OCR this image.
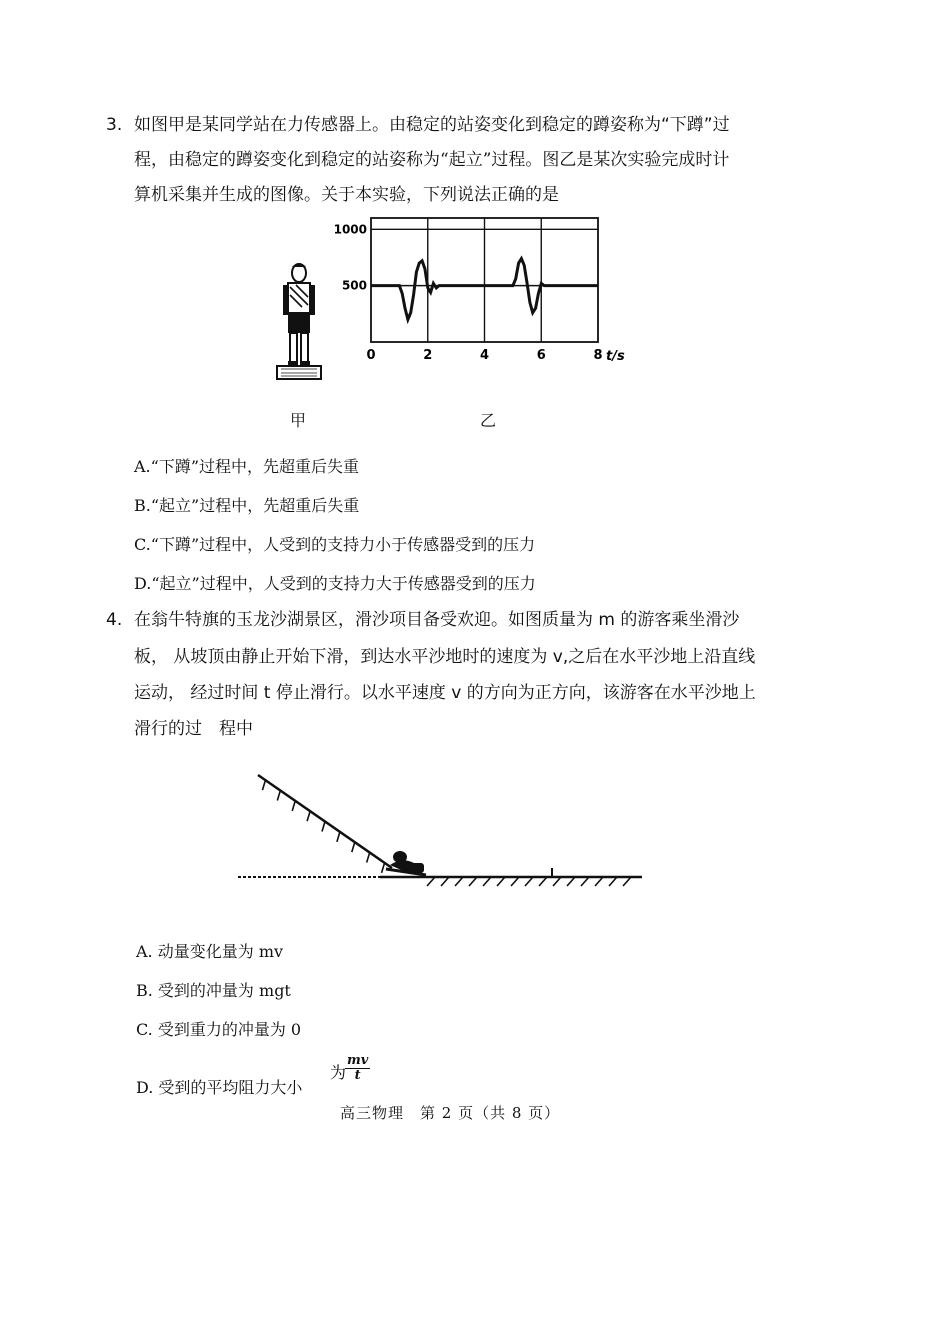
3. 如图甲是某同学站在力传感器上。由稳定的站姿变化到稳定的蹲姿称为“下蹲”过
程，由稳定的蹲姿变化到稳定的站姿称为“起立”过程。图乙是某次实验完成时计
算机采集并生成的图像。关于本实验，下列说法正确的是
0	2	4	6	8
500
1000
t/s
甲	乙
A.“下蹲”过程中，先超重后失重
B.“起立”过程中，先超重后失重
C.“下蹲”过程中，人受到的支持力小于传感器受到的压力
D.“起立”过程中，人受到的支持力大于传感器受到的压力
4. 在翁牛特旗的玉龙沙湖景区，滑沙项目备受欢迎。如图质量为 m 的游客乘坐滑沙
板， 从坡顶由静止开始下滑，到达水平沙地时的速度为 v,之后在水平沙地上沿直线
运动， 经过时间 t 停止滑行。以水平速度 v 的方向为正方向，该游客在水平沙地上
滑行的过　程中
A. 动量变化量为 mv
B. 受到的冲量为 mgt
C. 受到重力的冲量为 0
D. 受到的平均阻力大小
为
$\frac{mv}{t}$
高三物理　第 2 页（共 8 页）
